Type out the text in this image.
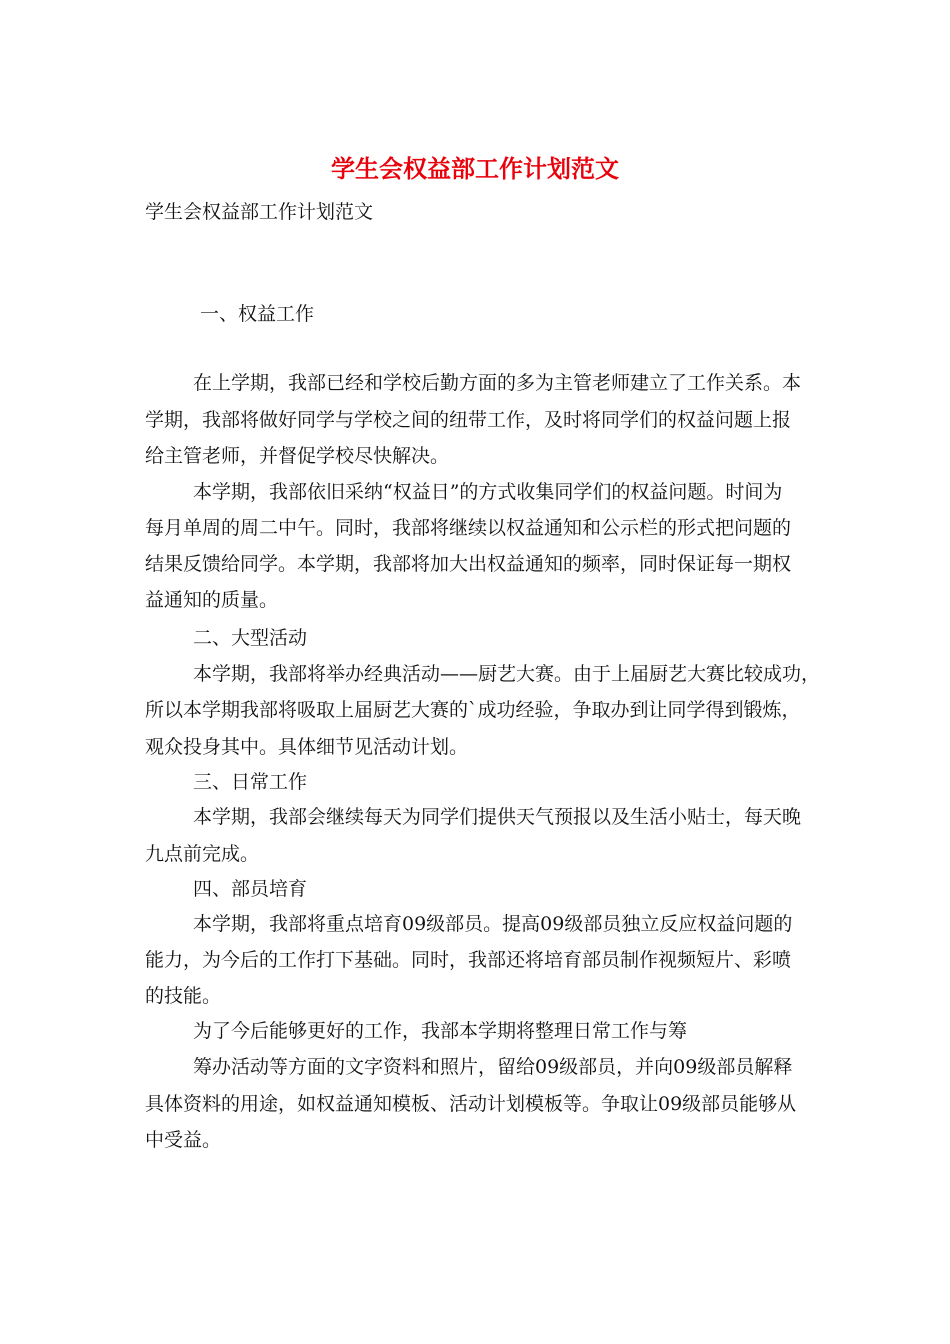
学生会权益部工作计划范文
学生会权益部工作计划范文
一、权益工作
在上学期，我部已经和学校后勤方面的多为主管老师建立了工作关系。本
学期，我部将做好同学与学校之间的纽带工作，及时将同学们的权益问题上报
给主管老师，并督促学校尽快解决。
本学期，我部依旧采纳“权益日”的方式收集同学们的权益问题。时间为
每月单周的周二中午。同时，我部将继续以权益通知和公示栏的形式把问题的
结果反馈给同学。本学期，我部将加大出权益通知的频率，同时保证每一期权
益通知的质量。
二、大型活动
本学期，我部将举办经典活动——厨艺大赛。由于上届厨艺大赛比较成功，
所以本学期我部将吸取上届厨艺大赛的`成功经验，争取办到让同学得到锻炼，
观众投身其中。具体细节见活动计划。
三、日常工作
本学期，我部会继续每天为同学们提供天气预报以及生活小贴士，每天晚
九点前完成。
四、部员培育
本学期，我部将重点培育09级部员。提高09级部员独立反应权益问题的
能力，为今后的工作打下基础。同时，我部还将培育部员制作视频短片、彩喷
的技能。
为了今后能够更好的工作，我部本学期将整理日常工作与筹
筹办活动等方面的文字资料和照片，留给09级部员，并向09级部员解释
具体资料的用途，如权益通知模板、活动计划模板等。争取让09级部员能够从
中受益。
